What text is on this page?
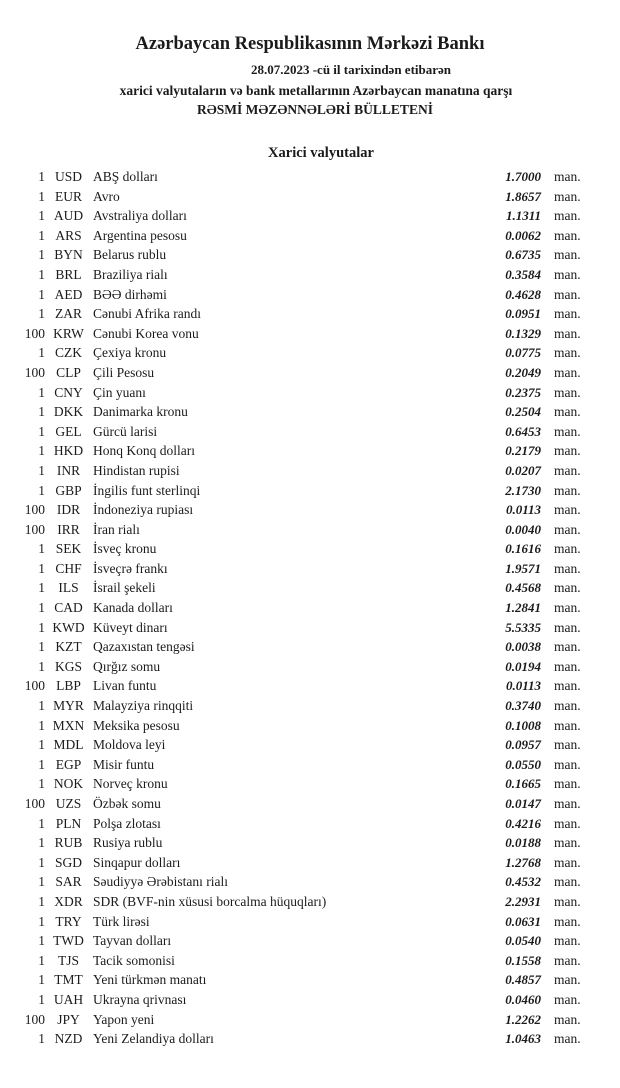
Azərbaycan Respublikasının Mərkəzi Bankı
28.07.2023 -cü il tarixindən etibarən
xarici valyutaların və bank metallarının Azərbaycan manatına qarşı
RƏSMİ MƏZƏNNƏLƏRİ BÜLLETENİ
Xarici valyutalar
1 USD ABŞ dolları	1.7000 man.
1 EUR Avro	1.8657 man.
1 AUD Avstraliya dolları	1.1311 man.
1 ARS Argentina pesosu	0.0062 man.
1 BYN Belarus rublu	0.6735 man.
1 BRL Braziliya rialı	0.3584 man.
1 AED BƏƏ dirhəmi	0.4628 man.
1 ZAR Cənubi Afrika randı	0.0951 man.
100 KRW Cənubi Korea vonu	0.1329 man.
1 CZK Çexiya kronu	0.0775 man.
100 CLP Çili Pesosu	0.2049 man.
1 CNY Çin yuanı	0.2375 man.
1 DKK Danimarka kronu	0.2504 man.
1 GEL Gürcü larisi	0.6453 man.
1 HKD Honq Konq dolları	0.2179 man.
1 INR Hindistan rupisi	0.0207 man.
1 GBP İngilis funt sterlinqi	2.1730 man.
100 IDR İndoneziya rupiası	0.0113 man.
100 IRR İran rialı	0.0040 man.
1 SEK İsveç kronu	0.1616 man.
1 CHF İsveçrə frankı	1.9571 man.
1 ILS	İsrail şekeli	0.4568 man.
1 CAD Kanada dolları	1.2841 man.
1 KWD Küveyt dinarı	5.5335 man.
1 KZT Qazaxıstan tengəsi	0.0038 man.
1 KGS Qırğız somu	0.0194 man.
100 LBP Livan funtu	0.0113 man.
1 MYR Malayziya rinqqiti	0.3740 man.
1 MXN Meksika pesosu	0.1008 man.
1 MDL Moldova leyi	0.0957 man.
1 EGP Misir funtu	0.0550 man.
1 NOK Norveç kronu	0.1665 man.
100 UZS Özbək somu	0.0147 man.
1 PLN Polşa zlotası	0.4216 man.
1 RUB Rusiya rublu	0.0188 man.
1 SGD Sinqapur dolları	1.2768 man.
1 SAR Səudiyyə Ərəbistanı rialı	0.4532 man.
1 XDR SDR (BVF-nin xüsusi borcalma hüquqları)	2.2931 man.
1 TRY Türk lirəsi	0.0631 man.
1 TWD Tayvan dolları	0.0540 man.
1 TJS	Tacik somonisi	0.1558 man.
1 TMT Yeni türkmən manatı	0.4857 man.
1 UAH Ukrayna qrivnası	0.0460 man.
100 JPY Yapon yeni	1.2262 man.
1 NZD Yeni Zelandiya dolları	1.0463 man.
